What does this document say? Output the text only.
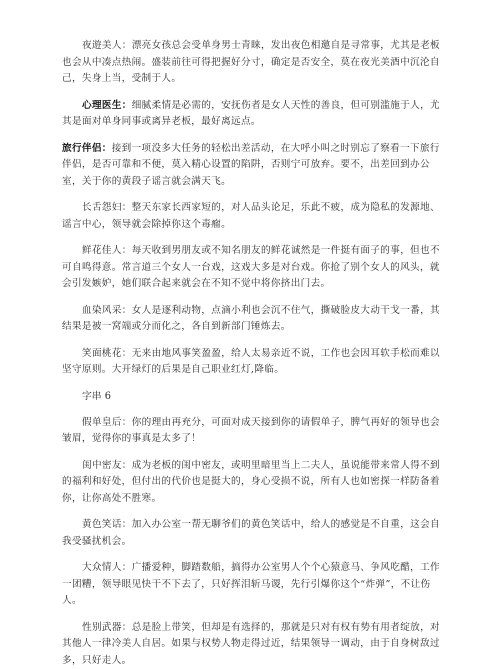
夜遊美人：漂亮女孩总会受单身男士青睐，发出夜色相邀自是寻常事，尤其是老板也会从中凑点热闹。盛装前往可得把握好分寸，确定是否安全，莫在夜光美酒中沉沦自己，失身上当，受制于人。

心理医生：细腻柔情是必需的，安抚伤者是女人天性的善良，但可别滥施于人，尤其是面对单身同事或离异老板，最好离远点。

旅行伴侣：接到一项没多大任务的轻松出差活动，在大呼小叫之时别忘了察看一下旅行伴侣，是否可靠和不便，莫入精心设置的陷阱，否则宁可放弃。要不，出差回到办公室，关于你的黄段子谣言就会满天飞。

长舌怨妇：整天东家长西家短的，对人品头论足，乐此不疲，成为隐私的发源地、谣言中心，领导就会除掉你这个毒瘤。

鲜花佳人：每天收到男朋友或不知名朋友的鲜花诚然是一件挺有面子的事，但也不可自鸣得意。常言道三个女人一台戏，这戏大多是对台戏。你抢了别个女人的风头，就会引发嫉妒，她们联合起来就会在不知不觉中将你挤出门去。

血染风采：女人是逐利动物，点滴小利也会沉不住气，撕破脸皮大动干戈一番，其结果是被一窝端或分而化之，各自到新部门锤炼去。

笑面桃花：无来由地风事笑盈盈，给人太易亲近不说，工作也会因耳软手松而难以坚守原则。大开绿灯的后果是自己职业红灯,降临。

字串 6

假单皇后：你的理由再充分，可面对成天接到你的请假单子，脾气再好的领导也会皱眉，觉得你的事真是太多了！

闺中密友：成为老板的闺中密友，或明里暗里当上二夫人，虽说能带来常人得不到的福利和好处，但付出的代价也是挺大的，身心受损不说，所有人也如密探一样防备着你，让你高处不胜寒。

黄色笑话：加入办公室一帮无聊爷们的黄色笑话中，给人的感觉是不自重，这会自我受骚扰机会。

大众情人：广播爱种，脚踏数船，搞得办公室男人个个心猿意马、争风吃醋，工作一团糟，领导眼见快干不下去了，只好挥泪斩马谡，先行引爆你这个“炸弹”，不让伤人。

性别武器：总是脸上带笑，但却是有选择的，那就是只对有权有势有用者绽放，对其他人一律冷美人自居。如果与权势人物走得过近，结果领导一调动，由于自身树敌过多，只好走人。
